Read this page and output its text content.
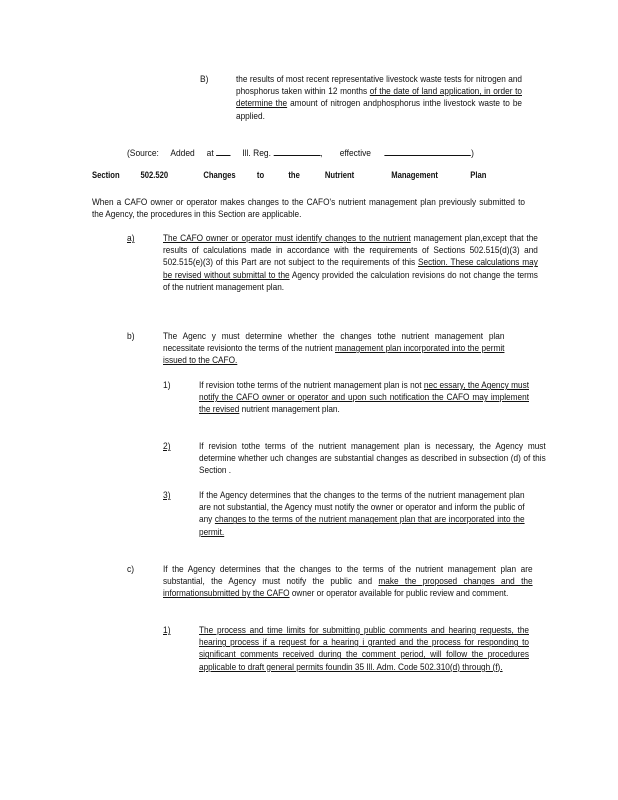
B)	the results of most recent representative livestock waste tests for nitrogen and phosphorus taken within 12 months of the date of land application, in order to determine the amount of nitrogen andphosphorus inthe livestock waste to be applied.

(Source: Added at	Ill. Reg.	, effective	)
Section 502.520	Changes to	the	Nutrient	Management	Plan

When a CAFO owner or operator makes changes to the CAFO's nutrient management plan previously submitted to the Agency, the procedures in this Section are applicable.

a)	The CAFO owner or operator must identify changes to the nutrient management plan,except that the results of calculations made in accordance with the requirements of Sections 502.515(d)(3) and 502.515(e)(3) of this Part are not subject to the requirements of this Section. These calculations may be revised without submittal to the Agency provided the calculation revisions do not change the terms of the nutrient management plan.

b)	The Agenc y must determine whether the changes tothe nutrient management plan necessitate revisionto the terms of the nutrient management plan incorporated into the permit issued to the CAFO.

1)	If revision tothe terms of the nutrient management plan is not nec essary, the Agency must notify the CAFO owner or operator and upon such notification the CAFO may implement the revised nutrient management plan.

2)	If revision tothe terms of the nutrient management plan is necessary, the Agency must determine whether uch changes are substantial changes as described in subsection (d) of this Section .

3)	If the Agency determines that the changes to the terms of the nutrient management plan are not substantial, the Agency must notify the owner or operator and inform the public of any changes to the terms of the nutrient management plan that are incorporated into the permit.

c)	If the Agency determines that the changes to the terms of the nutrient management plan are substantial, the Agency must notify the public and make the proposed changes and the informationsubmitted by the CAFO owner or operator available for public review and comment.

1)	The process and time limits for submitting public comments and hearing requests, the hearing process if a request for a hearing i granted and the process for responding to significant comments received during the comment period, will follow the procedures applicable to draft general permits foundin 35 Ill. Adm. Code 502.310(d) through (f).
